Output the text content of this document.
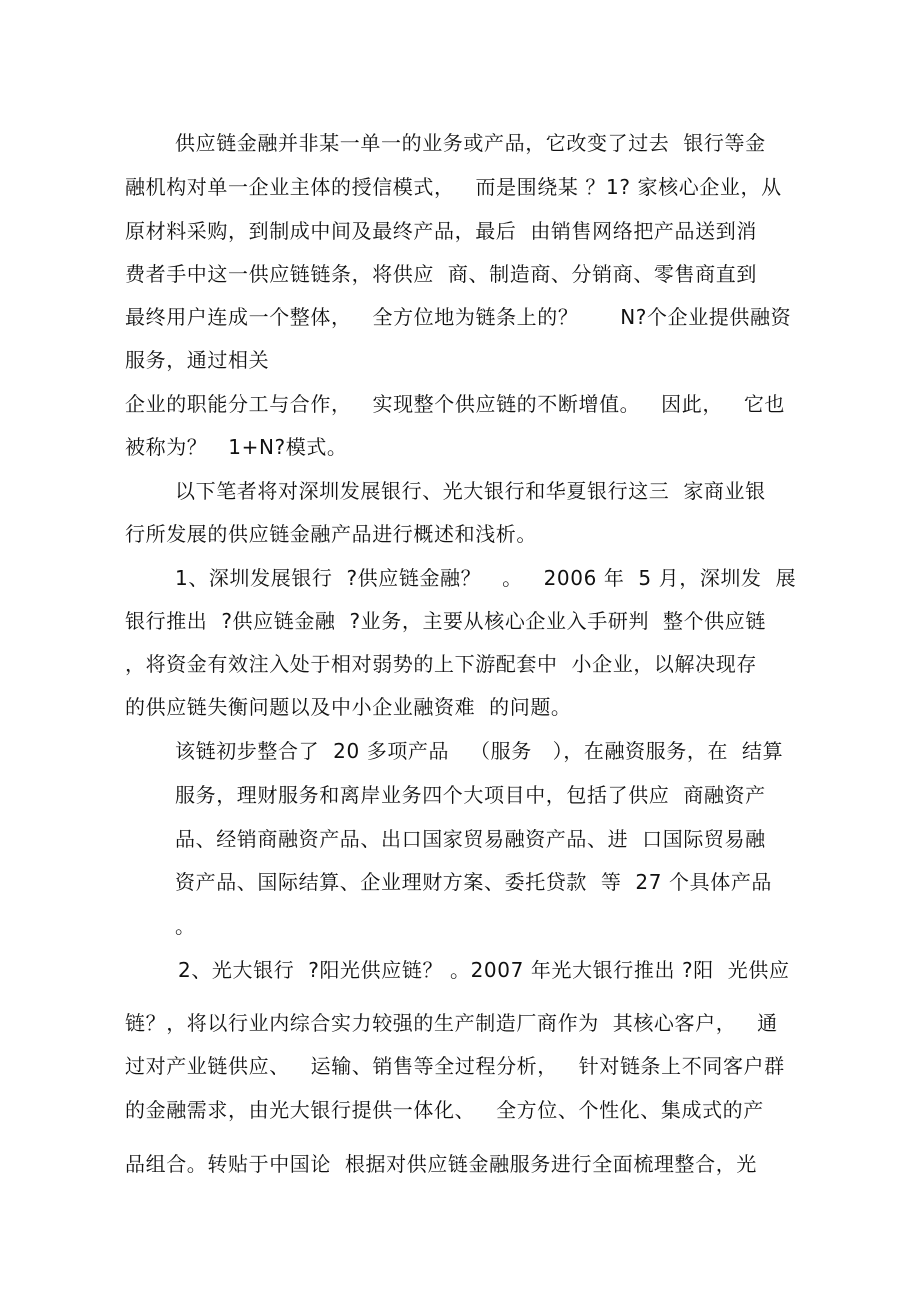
供应链金融并非某一单一的业务或产品，它改变了过去  银行等金
融机构对单一企业主体的授信模式，   而是围绕某 ？1? 家核心企业，从
原材料采购，到制成中间及最终产品，最后  由销售网络把产品送到消
费者手中这一供应链链条，将供应  商、制造商、分销商、零售商直到
最终用户连成一个整体，   全方位地为链条上的？      N?个企业提供融资
服务，通过相关
企业的职能分工与合作，   实现整个供应链的不断增值。   因此，   它也
被称为？   1+N?模式。
以下笔者将对深圳发展银行、光大银行和华夏银行这三  家商业银
行所发展的供应链金融产品进行概述和浅析。
1、深圳发展银行  ?供应链金融？   。   2006 年  5 月，深圳发  展
银行推出  ?供应链金融  ?业务，主要从核心企业入手研判  整个供应链
，将资金有效注入处于相对弱势的上下游配套中  小企业，以解决现存
的供应链失衡问题以及中小企业融资难  的问题。
该链初步整合了  20 多项产品   （服务   ），在融资服务，在  结算
服务，理财服务和离岸业务四个大项目中，包括了供应  商融资产
品、经销商融资产品、出口国家贸易融资产品、进  口国际贸易融
资产品、国际结算、企业理财方案、委托贷款  等  27 个具体产品
。
2、光大银行  ?阳光供应链？ 。2007 年光大银行推出 ?阳  光供应
链？，将以行业内综合实力较强的生产制造厂商作为  其核心客户，   通
过对产业链供应、   运输、销售等全过程分析，   针对链条上不同客户群
的金融需求，由光大银行提供一体化、   全方位、个性化、集成式的产
品组合。转贴于中国论  根据对供应链金融服务进行全面梳理整合，光
